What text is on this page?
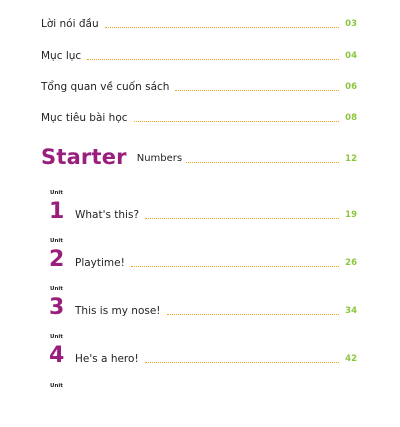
Lời nói đầu	03
Mục lục	04
Tổng quan về cuốn sách	06
Mục tiêu bài học	08
Starter	Numbers	12
Unit
1	What's this?	19
Unit
2	Playtime!	26
Unit
3	This is my nose!	34
Unit
4	He's a hero!	42
Unit
